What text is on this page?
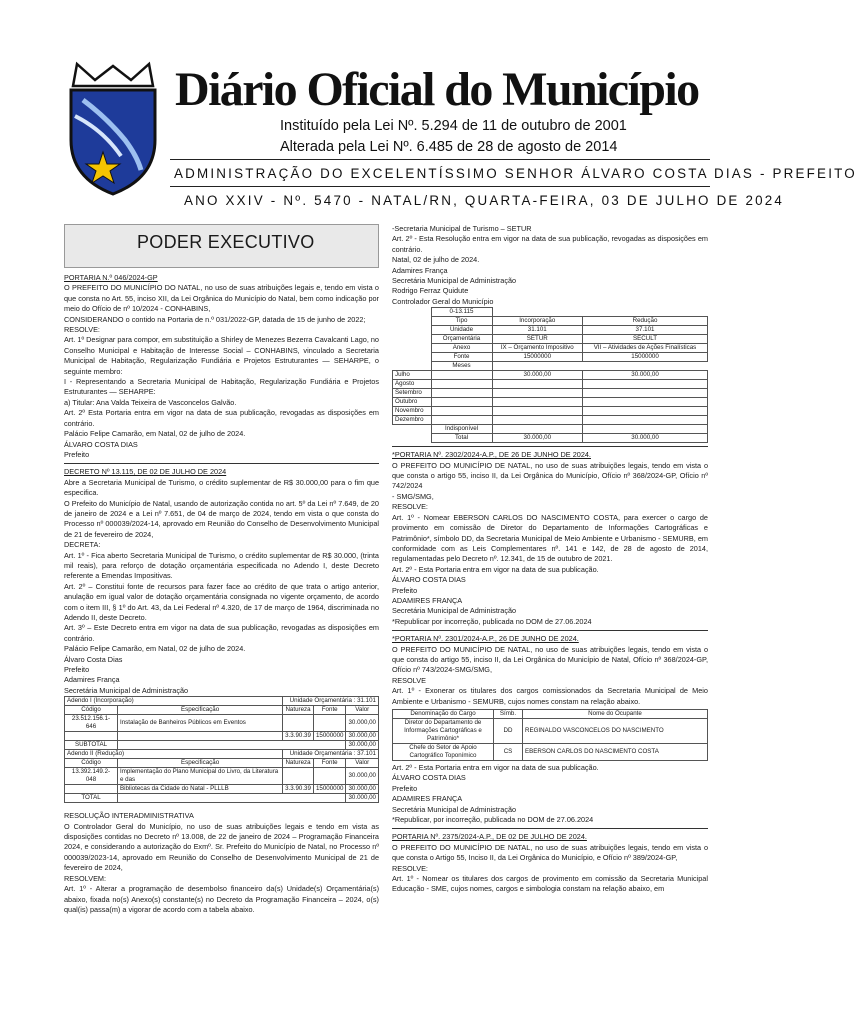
Diário Oficial do Município
Instituído pela Lei Nº. 5.294 de 11 de outubro de 2001
Alterada pela Lei Nº. 6.485 de 28 de agosto de 2014
ADMINISTRAÇÃO DO EXCELENTÍSSIMO SENHOR ÁLVARO COSTA DIAS - PREFEITO
ANO XXIV - Nº. 5470 - NATAL/RN, QUARTA-FEIRA, 03 DE JULHO DE 2024
PODER EXECUTIVO

PORTARIA N.º 046/2024-GP

O PREFEITO DO MUNICÍPIO DO NATAL, no uso de suas atribuições legais e, tendo em vista o que consta no Art. 55, inciso XII, da Lei Orgânica do Município do Natal, bem como indicação por meio do Ofício de nº 10/2024 - CONHABINS,

CONSIDERANDO o contido na Portaria de n.º 031/2022-GP, datada de 15 de junho de 2022;

RESOLVE:

Art. 1º Designar para compor, em substituição a Shirley de Menezes Bezerra Cavalcanti Lago, no Conselho Municipal e Habitação de Interesse Social – CONHABINS, vinculado a Secretaria Municipal de Habitação, Regularização Fundiária e Projetos Estruturantes — SEHARPE, o seguinte membro:

I - Representando a Secretaria Municipal de Habitação, Regularização Fundiária e Projetos Estruturantes — SEHARPE:

a) Titular: Ana Valda Teixeira de Vasconcelos Galvão.

Art. 2º Esta Portaria entra em vigor na data de sua publicação, revogadas as disposições em contrário.

Palácio Felipe Camarão, em Natal, 02 de julho de 2024.

ÁLVARO COSTA DIAS

Prefeito

DECRETO Nº 13.115, DE 02 DE JULHO DE 2024

Abre a Secretaria Municipal de Turismo, o crédito suplementar de R$ 30.000,00 para o fim que especifica.

O Prefeito do Município de Natal, usando de autorização contida no art. 5º da Lei nº 7.649, de 20 de janeiro de 2024 e a Lei nº 7.651, de 04 de março de 2024, tendo em vista o que consta do Processo nº 000039/2024-14, aprovado em Reunião do Conselho de Desenvolvimento Municipal de 21 de fevereiro de 2024,

DECRETA:

Art. 1º - Fica aberto Secretaria Municipal de Turismo, o crédito suplementar de R$ 30.000, (trinta mil reais), para reforço de dotação orçamentária especificada no Adendo I, deste Decreto referente a Emendas Impositivas.

Art. 2º – Constitui fonte de recursos para fazer face ao crédito de que trata o artigo anterior, anulação em igual valor de dotação orçamentária consignada no vigente orçamento, de acordo com o item III, § 1º do Art. 43, da Lei Federal nº 4.320, de 17 de março de 1964, discriminada no Adendo II, deste Decreto.

Art. 3º – Este Decreto entra em vigor na data de sua publicação, revogadas as disposições em contrário.

Palácio Felipe Camarão, em Natal, 02 de julho de 2024.

Álvaro Costa Dias

Prefeito

Adamires França

Secretária Municipal de Administração

Adendo I (Incorporação)		Unidade Orçamentária : 31.101		
Código	Especificação	Natureza	Fonte	Valor
23.512.156.1-646	Instalação de Banheiros Públicos em Eventos			30.000,00
		3.3.90.39	15000000	30.000,00
SUBTOTAL				30.000,00
Adendo II (Redução)		Unidade Orçamentária : 37.101		
Código	Especificação	Natureza	Fonte	Valor
13.392.149.2-048	Implementação do Plano Municipal do Livro, da Literatura e das			30.000,00
	Bibliotecas da Cidade do Natal - PLLLB	3.3.90.39	15000000	30.000,00
TOTAL				30.000,00

RESOLUÇÃO INTERADMINISTRATIVA

O Controlador Geral do Município, no uso de suas atribuições legais e tendo em vista as disposições contidas no Decreto nº 13.008, de 22 de janeiro de 2024 – Programação Financeira 2024, e considerando a autorização do Exmº. Sr. Prefeito do Município de Natal, no Processo nº 000039/2023-14, aprovado em Reunião do Conselho de Desenvolvimento Municipal de 21 de fevereiro de 2024,

RESOLVEM:

Art. 1º - Alterar a programação de desembolso financeiro da(s) Unidade(s) Orçamentária(s) abaixo, fixada no(s) Anexo(s) constante(s) no Decreto da Programação Financeira – 2024, o(s) qual(is) passa(m) a vigorar de acordo com a tabela abaixo.

-Secretaria Municipal de Turismo – SETUR

Art. 2º - Esta Resolução entra em vigor na data de sua publicação, revogadas as disposições em contrário.

Natal, 02 de julho de 2024.

Adamires França

Secretária Municipal de Administração

Rodrigo Ferraz Quidute

Controlador Geral do Município

	0-13.115		
	Tipo	Incorporação	Redução
	Unidade	31.101	37.101
	Orçamentária	SETUR	SECULT
	Anexo	IX – Orçamento Impositivo	VII – Atividades de Ações Finalísticas
	Fonte	15000000	15000000
	Meses		
Julho		30.000,00	30.000,00
Agosto			
Setembro			
Outubro			
Novembro			
Dezembro			
	Indisponível		
	Total	30.000,00	30.000,00

*PORTARIA Nº. 2302/2024-A.P., DE 26 DE JUNHO DE 2024.

O PREFEITO DO MUNICÍPIO DE NATAL, no uso de suas atribuições legais, tendo em vista o que consta o artigo 55, inciso II, da Lei Orgânica do Município, Ofício nº 368/2024-GP, Ofício nº 742/2024

- SMG/SMG,

RESOLVE:

Art. 1º - Nomear EBERSON CARLOS DO NASCIMENTO COSTA, para exercer o cargo de provimento em comissão de Diretor do Departamento de Informações Cartográficas e Patrimônio*, símbolo DD, da Secretaria Municipal de Meio Ambiente e Urbanismo - SEMURB, em conformidade com as Leis Complementares nº. 141 e 142, de 28 de agosto de 2014, regulamentadas pelo Decreto nº. 12.341, de 15 de outubro de 2021.

Art. 2º - Esta Portaria entra em vigor na data de sua publicação.

ÁLVARO COSTA DIAS

Prefeito

ADAMIRES FRANÇA

Secretária Municipal de Administração

*Republicar por incorreção, publicada no DOM de 27.06.2024

*PORTARIA Nº. 2301/2024-A.P., 26 DE JUNHO DE 2024.

O PREFEITO DO MUNICÍPIO DE NATAL, no uso de suas atribuições legais, tendo em vista o que consta do artigo 55, inciso II, da Lei Orgânica do Município de Natal, Ofício nº 368/2024-GP, Ofício nº 743/2024-SMG/SMG,

RESOLVE

Art. 1º - Exonerar os titulares dos cargos comissionados da Secretaria Municipal de Meio Ambiente e Urbanismo - SEMURB, cujos nomes constam na relação abaixo.

Denominação do Cargo	Símb.	Nome do Ocupante
Diretor do Departamento de Informações Cartográficas e Patrimônio*	DD	REGINALDO VASCONCELOS DO NASCIMENTO
Chefe do Setor de Apoio Cartográfico Toponímico	CS	EBERSON CARLOS DO NASCIMENTO COSTA

Art. 2º - Esta Portaria entra em vigor na data de sua publicação.

ÁLVARO COSTA DIAS

Prefeito

ADAMIRES FRANÇA

Secretária Municipal de Administração

*Republicar, por incorreção, publicada no DOM de 27.06.2024

PORTARIA Nº. 2375/2024-A.P., DE 02 DE JULHO DE 2024.

O PREFEITO DO MUNICÍPIO DE NATAL, no uso de suas atribuições legais, tendo em vista o que consta o Artigo 55, Inciso II, da Lei Orgânica do Município, e Ofício nº 389/2024-GP,

RESOLVE:

Art. 1º - Nomear os titulares dos cargos de provimento em comissão da Secretaria Municipal Educação - SME, cujos nomes, cargos e simbologia constam na relação abaixo, em
